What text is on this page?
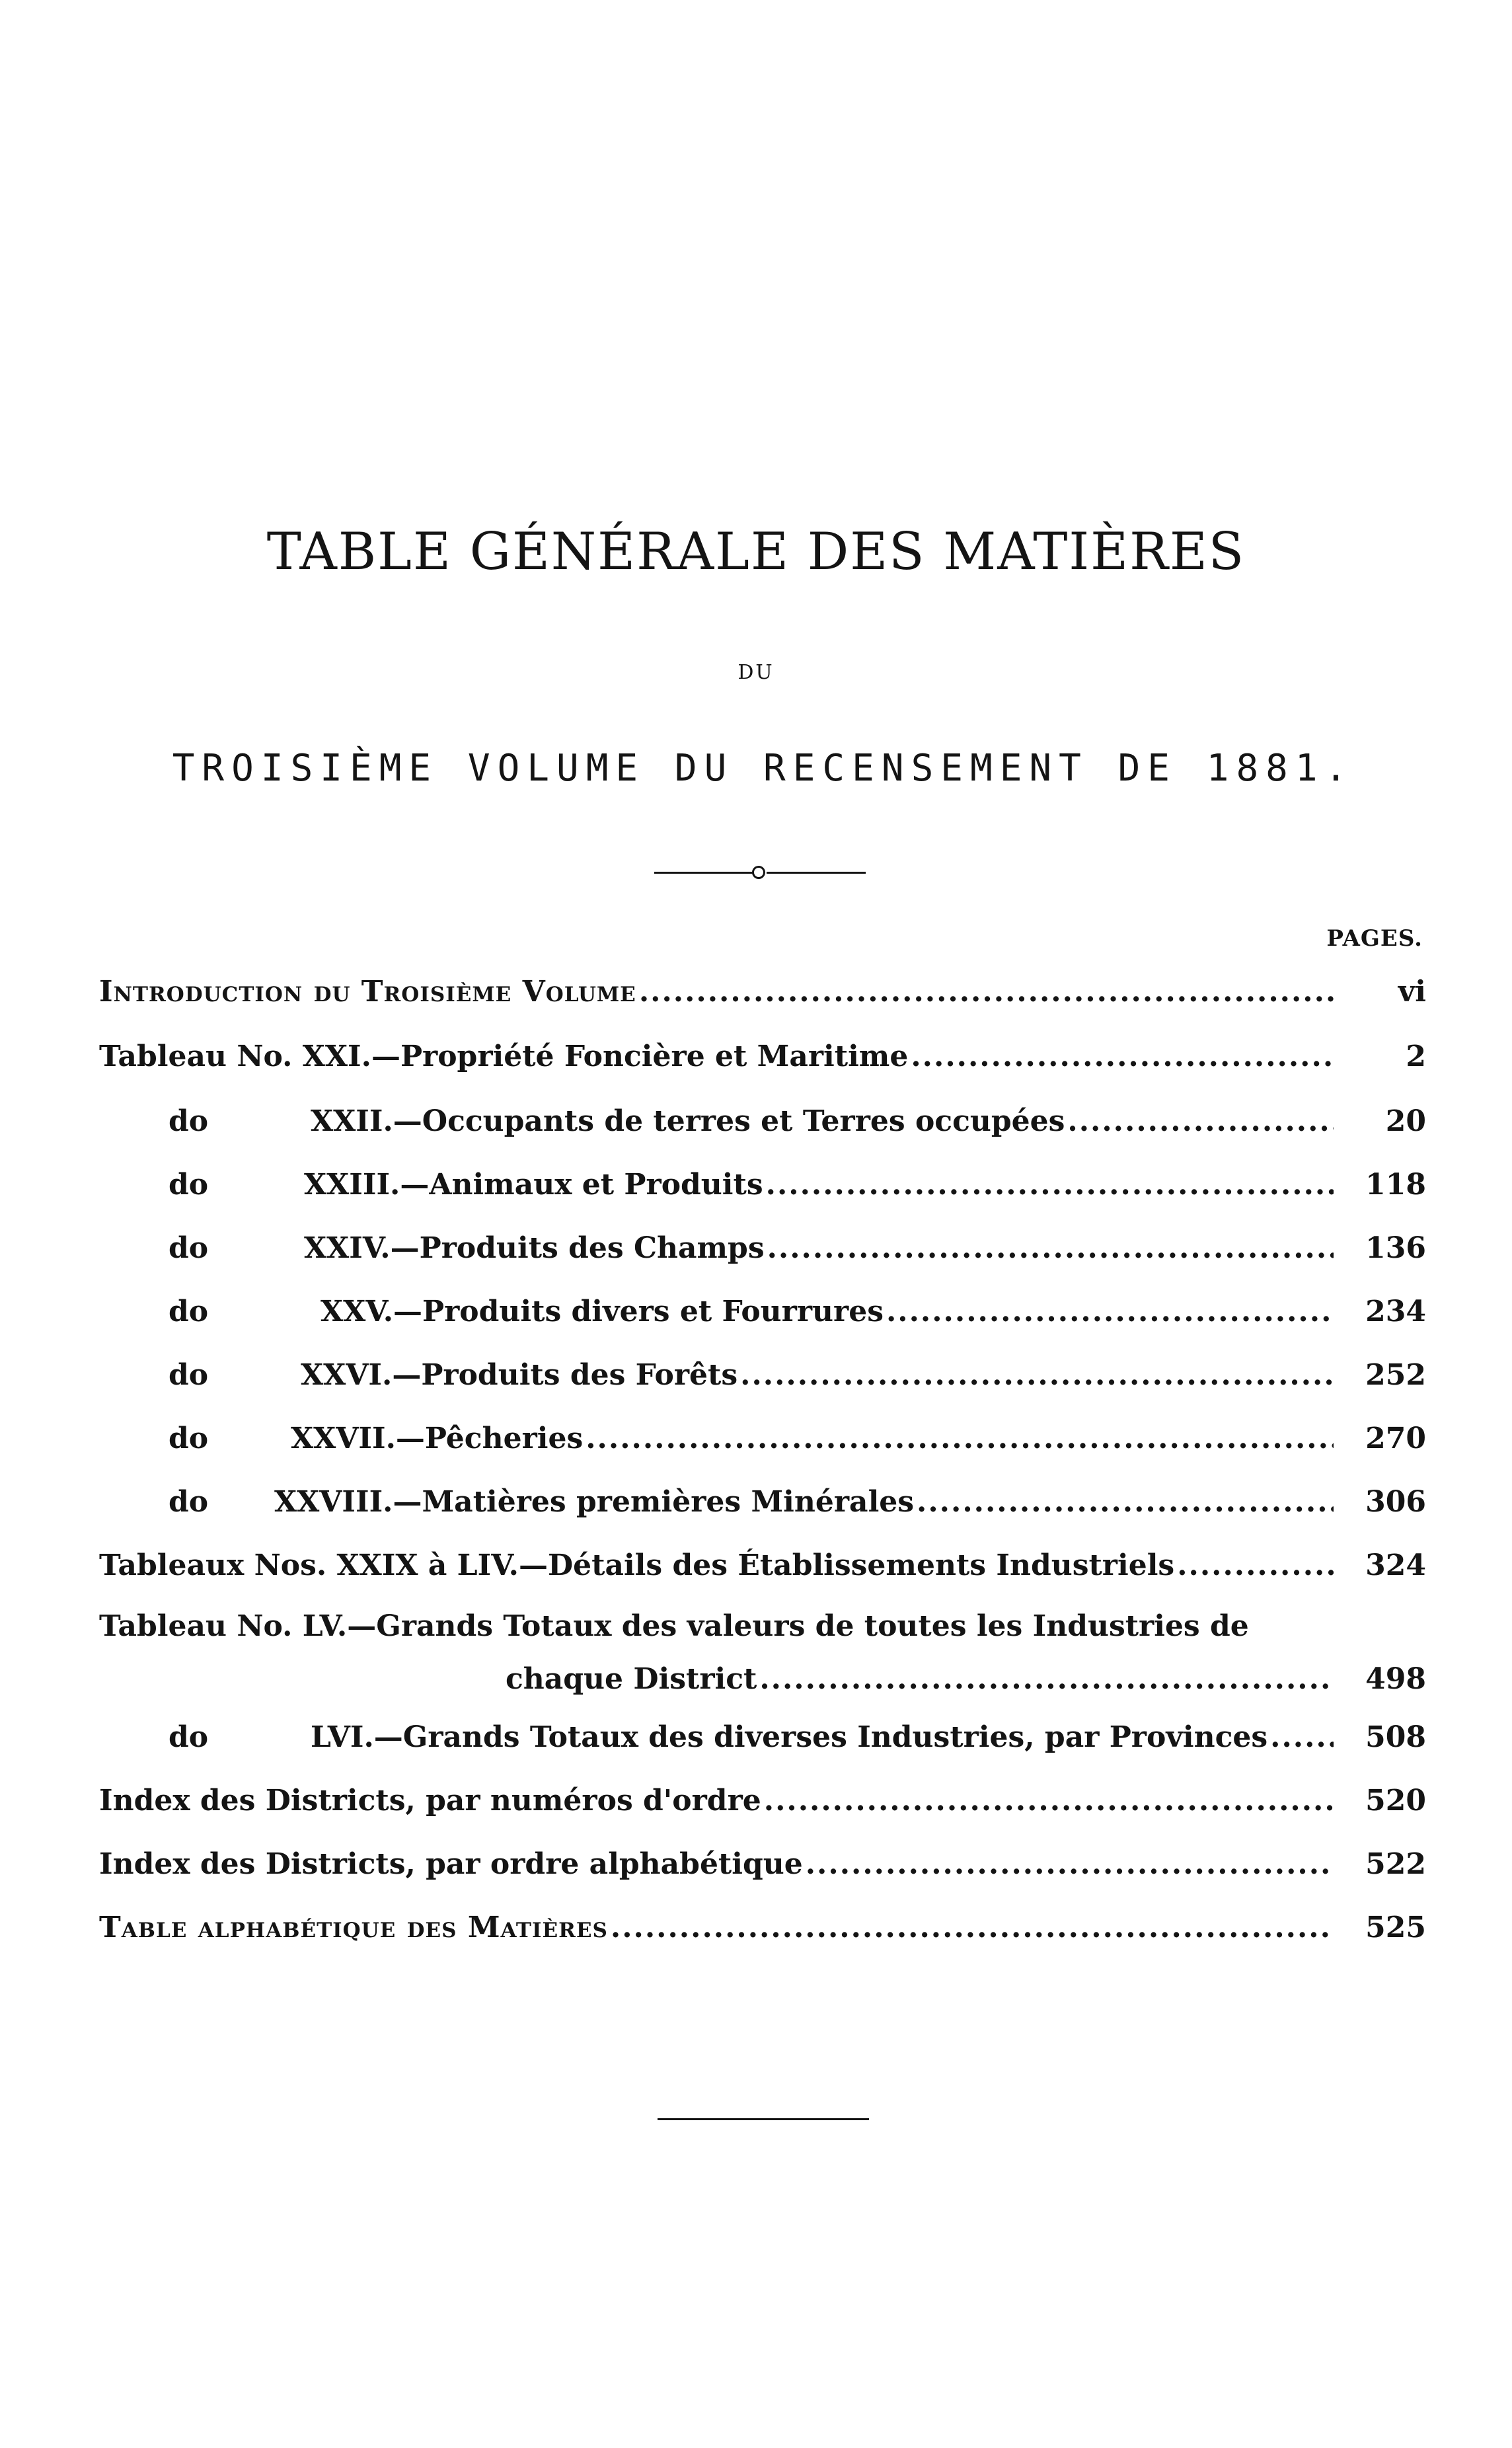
TABLE GÉNÉRALE DES MATIÈRES
DU
TROISIÈME VOLUME DU RECENSEMENT DE 1881.
PAGES.
Introduction du Troisième Volume .....	vi
Tableau No. XXI.—Propriété Foncière et Maritime .....	2
do	XXII.—Occupants de terres et Terres occupées .....	20
do	XXIII.—Animaux et Produits .....	118
do	XXIV.—Produits des Champs .....	136
do	XXV.—Produits divers et Fourrures .....	234
do	XXVI.—Produits des Forêts .....	252
do	XXVII.—Pêcheries .....	270
do XXVIII.—Matières premières Minérales .....	306
Tableaux Nos. XXIX à LIV.—Détails des Établissements Industriels .....	324
Tableau No. LV.—Grands Totaux des valeurs de toutes les Industries de
chaque District .....	498
do	LVI.—Grands Totaux des diverses Industries, par Provinces .....	508
Index des Districts, par numéros d'ordre .....	520
Index des Districts, par ordre alphabétique .....	522
Table alphabétique des Matières .....	525
